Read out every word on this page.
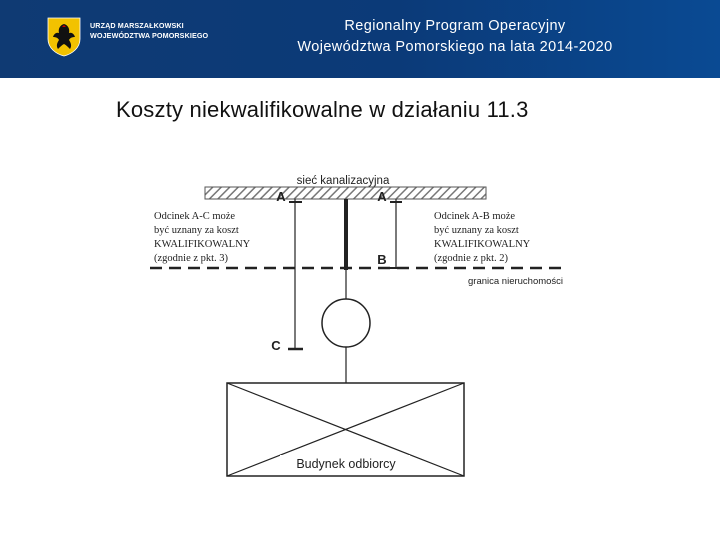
URZĄD MARSZAŁKOWSKI
WOJEWÓDZTWA POMORSKIEGO
Regionalny Program Operacyjny
Województwa Pomorskiego na lata 2014-2020
Koszty niekwalifikowalne w działaniu 11.3
sieć kanalizacyjna
A	A
B
granica nieruchomości
C
Budynek odbiorcy
Odcinek A-C może
być uznany za koszt
KWALIFIKOWALNY
(zgodnie z pkt. 3)
Odcinek A-B może
być uznany za koszt
KWALIFIKOWALNY
(zgodnie z pkt. 2)
